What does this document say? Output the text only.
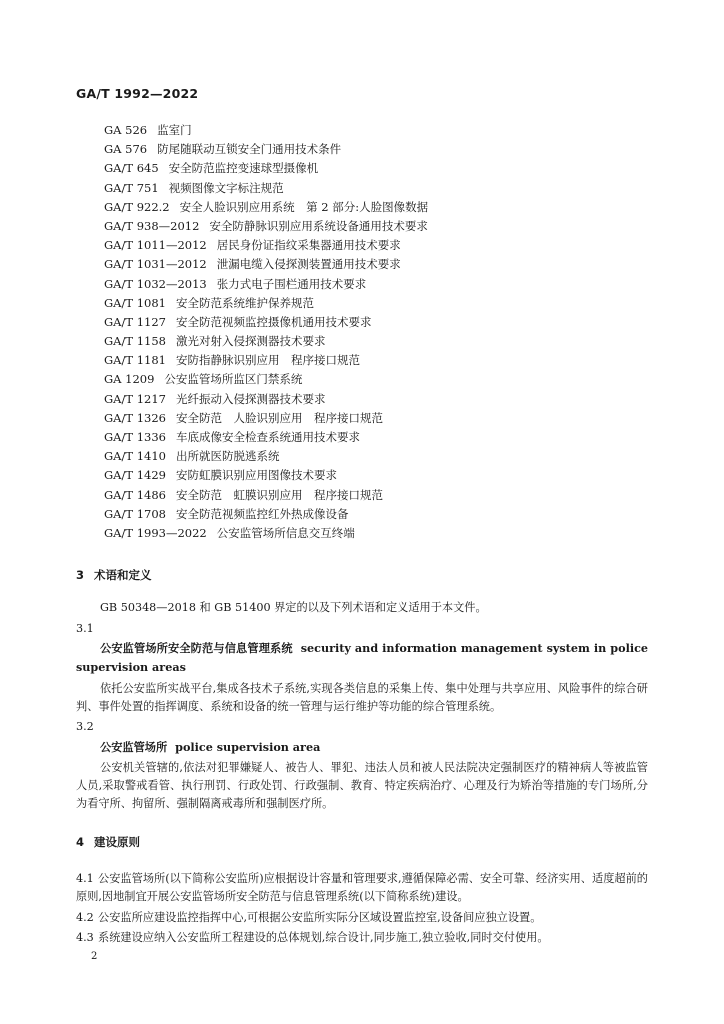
GA/T 1992—2022
GA 526 监室门
GA 576 防尾随联动互锁安全门通用技术条件
GA/T 645 安全防范监控变速球型摄像机
GA/T 751 视频图像文字标注规范
GA/T 922.2 安全人脸识别应用系统　第 2 部分:人脸图像数据
GA/T 938—2012 安全防静脉识别应用系统设备通用技术要求
GA/T 1011—2012 居民身份证指纹采集器通用技术要求
GA/T 1031—2012 泄漏电缆入侵探测装置通用技术要求
GA/T 1032—2013 张力式电子围栏通用技术要求
GA/T 1081 安全防范系统维护保养规范
GA/T 1127 安全防范视频监控摄像机通用技术要求
GA/T 1158 激光对射入侵探测器技术要求
GA/T 1181 安防指静脉识别应用　程序接口规范
GA 1209 公安监管场所监区门禁系统
GA/T 1217 光纤振动入侵探测器技术要求
GA/T 1326 安全防范　人脸识别应用　程序接口规范
GA/T 1336 车底成像安全检查系统通用技术要求
GA/T 1410 出所就医防脱逃系统
GA/T 1429 安防虹膜识别应用图像技术要求
GA/T 1486 安全防范　虹膜识别应用　程序接口规范
GA/T 1708 安全防范视频监控红外热成像设备
GA/T 1993—2022 公安监管场所信息交互终端
3 术语和定义
GB 50348—2018 和 GB 51400 界定的以及下列术语和定义适用于本文件。
3.1
公安监管场所安全防范与信息管理系统 security and information management system in police supervision areas
依托公安监所实战平台,集成各技术子系统,实现各类信息的采集上传、集中处理与共享应用、风险事件的综合研判、事件处置的指挥调度、系统和设备的统一管理与运行维护等功能的综合管理系统。
3.2
公安监管场所 police supervision area
公安机关管辖的,依法对犯罪嫌疑人、被告人、罪犯、违法人员和被人民法院决定强制医疗的精神病人等被监管人员,采取警戒看管、执行刑罚、行政处罚、行政强制、教育、特定疾病治疗、心理及行为矫治等措施的专门场所,分为看守所、拘留所、强制隔离戒毒所和强制医疗所。
4 建设原则
4.1 公安监管场所(以下简称公安监所)应根据设计容量和管理要求,遵循保障必需、安全可靠、经济实用、适度超前的原则,因地制宜开展公安监管场所安全防范与信息管理系统(以下简称系统)建设。
4.2 公安监所应建设监控指挥中心,可根据公安监所实际分区域设置监控室,设备间应独立设置。
4.3 系统建设应纳入公安监所工程建设的总体规划,综合设计,同步施工,独立验收,同时交付使用。
2
